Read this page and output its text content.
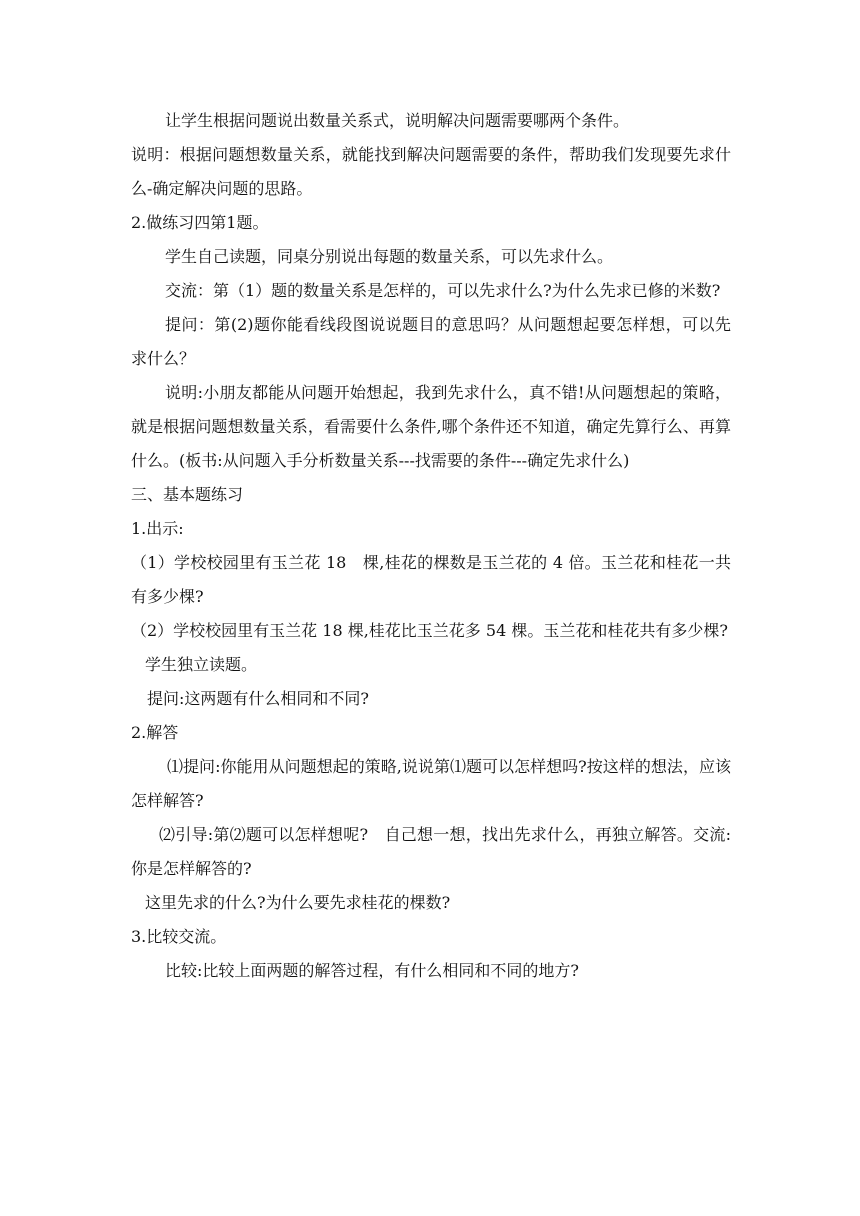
让学生根据问题说出数量关系式，说明解决问题需要哪两个条件。

说明：根据问题想数量关系，就能找到解决问题需要的条件，帮助我们发现要先求什么-确定解决问题的思路。

2.做练习四第1题。

学生自己读题，同桌分别说出每题的数量关系，可以先求什么。

交流：第（1）题的数量关系是怎样的，可以先求什么?为什么先求已修的米数?

提问：第(2)题你能看线段图说说题目的意思吗？从问题想起要怎样想，可以先求什么？

说明:小朋友都能从问题开始想起，我到先求什么，真不错!从问题想起的策略，就是根据问题想数量关系，看需要什么条件,哪个条件还不知道，确定先算行么、再算什么。(板书:从问题入手分析数量关系---找需要的条件---确定先求什么)

三、基本题练习

1.出示:

（1）学校校园里有玉兰花 18　棵,桂花的棵数是玉兰花的 4 倍。玉兰花和桂花一共有多少棵?

（2）学校校园里有玉兰花 18 棵,桂花比玉兰花多 54 棵。玉兰花和桂花共有多少棵?

学生独立读题。

提问:这两题有什么相同和不同?

2.解答

⑴提问:你能用从问题想起的策略,说说第⑴题可以怎样想吗?按这样的想法，应该怎样解答?

⑵引导:第⑵题可以怎样想呢?　自己想一想，找出先求什么，再独立解答。交流:你是怎样解答的?

这里先求的什么?为什么要先求桂花的棵数?

3.比较交流。

比较:比较上面两题的解答过程，有什么相同和不同的地方?
